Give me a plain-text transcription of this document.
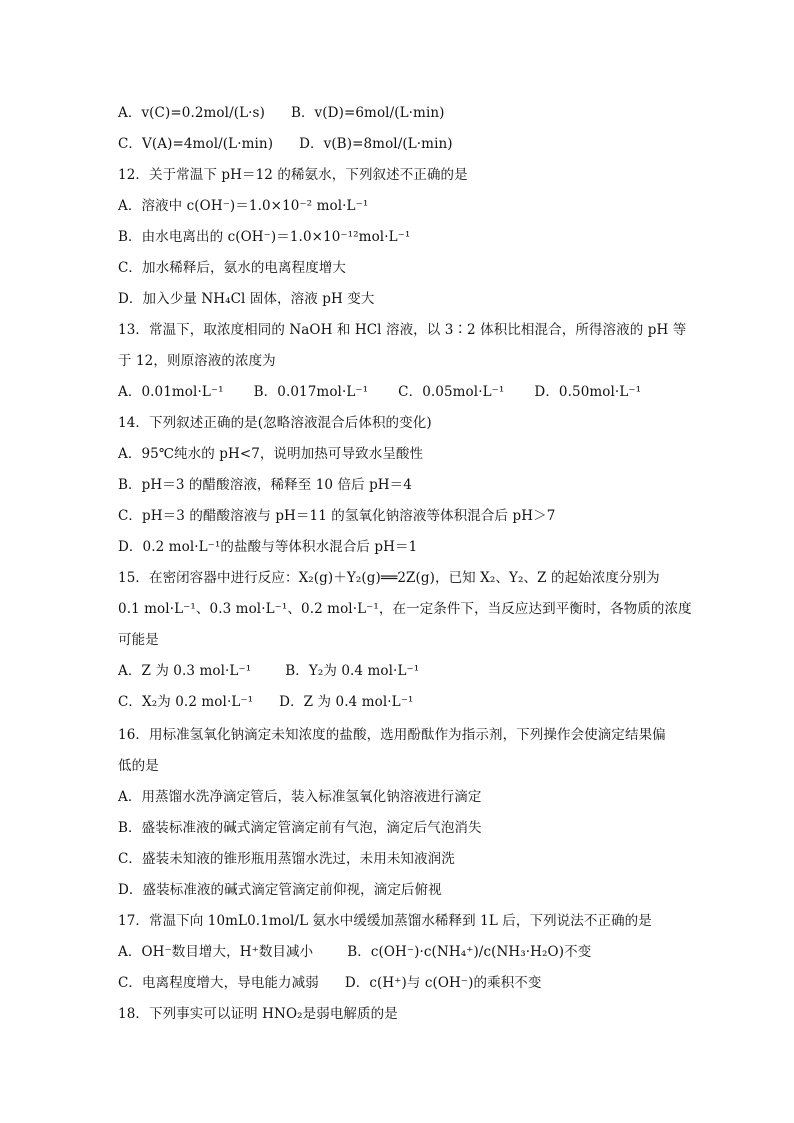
A．v(C)=0.2mol/(L·s) B．v(D)=6mol/(L·min)
C．V(A)=4mol/(L·min) D．v(B)=8mol/(L·min)
12．关于常温下 pH＝12 的稀氨水，下列叙述不正确的是
A．溶液中 c(OH⁻)＝1.0×10⁻² mol·L⁻¹
B．由水电离出的 c(OH⁻)＝1.0×10⁻¹²mol·L⁻¹
C．加水稀释后，氨水的电离程度增大
D．加入少量 NH₄Cl 固体，溶液 pH 变大
13．常温下，取浓度相同的 NaOH 和 HCl 溶液，以 3∶2 体积比相混合，所得溶液的 pH 等
于 12，则原溶液的浓度为
A．0.01mol·L⁻¹ B．0.017mol·L⁻¹ C．0.05mol·L⁻¹ D．0.50mol·L⁻¹
14．下列叙述正确的是(忽略溶液混合后体积的变化)
A．95℃纯水的 pH<7，说明加热可导致水呈酸性
B．pH＝3 的醋酸溶液，稀释至 10 倍后 pH＝4
C．pH＝3 的醋酸溶液与 pH＝11 的氢氧化钠溶液等体积混合后 pH＞7
D．0.2 mol·L⁻¹的盐酸与等体积水混合后 pH＝1
15．在密闭容器中进行反应：X₂(g)＋Y₂(g)══2Z(g)，已知 X₂、Y₂、Z 的起始浓度分别为
0.1 mol·L⁻¹、0.3 mol·L⁻¹、0.2 mol·L⁻¹，在一定条件下，当反应达到平衡时，各物质的浓度
可能是
A．Z 为 0.3 mol·L⁻¹	B．Y₂为 0.4 mol·L⁻¹
C．X₂为 0.2 mol·L⁻¹ D．Z 为 0.4 mol·L⁻¹
16．用标准氢氧化钠滴定未知浓度的盐酸，选用酚酞作为指示剂，下列操作会使滴定结果偏
低的是
A．用蒸馏水洗净滴定管后，装入标准氢氧化钠溶液进行滴定
B．盛装标准液的碱式滴定管滴定前有气泡，滴定后气泡消失
C．盛装未知液的锥形瓶用蒸馏水洗过，未用未知液润洗
D．盛装标准液的碱式滴定管滴定前仰视，滴定后俯视
17．常温下向 10mL0.1mol/L 氨水中缓缓加蒸馏水稀释到 1L 后，下列说法不正确的是
A．OH⁻数目增大，H⁺数目减小	B．c(OH⁻)·c(NH₄⁺)/c(NH₃·H₂O)不变
C．电离程度增大，导电能力减弱 D．c(H⁺)与 c(OH⁻)的乘积不变
18．下列事实可以证明 HNO₂是弱电解质的是
